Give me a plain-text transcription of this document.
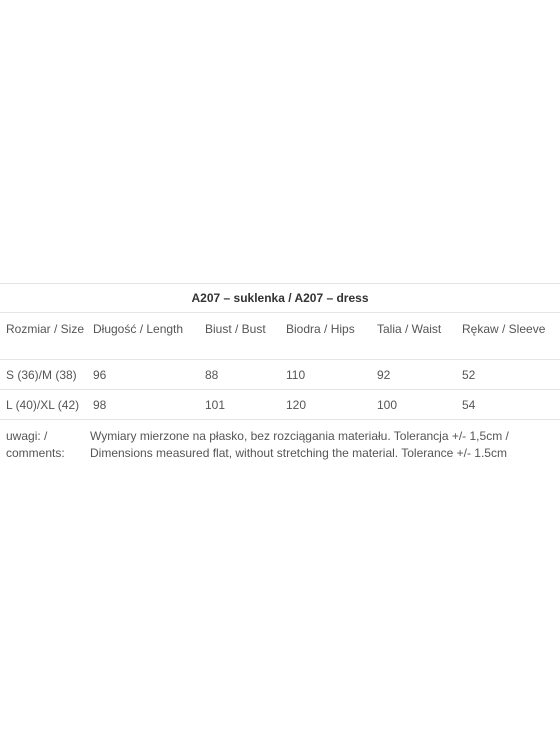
A207 – suklenka / A207 – dress					
Rozmiar / Size	Długość / Length	Biust / Bust	Biodra / Hips	Talia / Waist	Rękaw / Sleeve
S (36)/M (38)	96	88	110	92	52
L (40)/XL (42)	98	101	120	100	54
uwagi: / comments:	Wymiary mierzone na płasko, bez rozciągania materiału. Tolerancja +/- 1,5cm / Dimensions measured flat, without stretching the material. Tolerance +/- 1.5cm				
